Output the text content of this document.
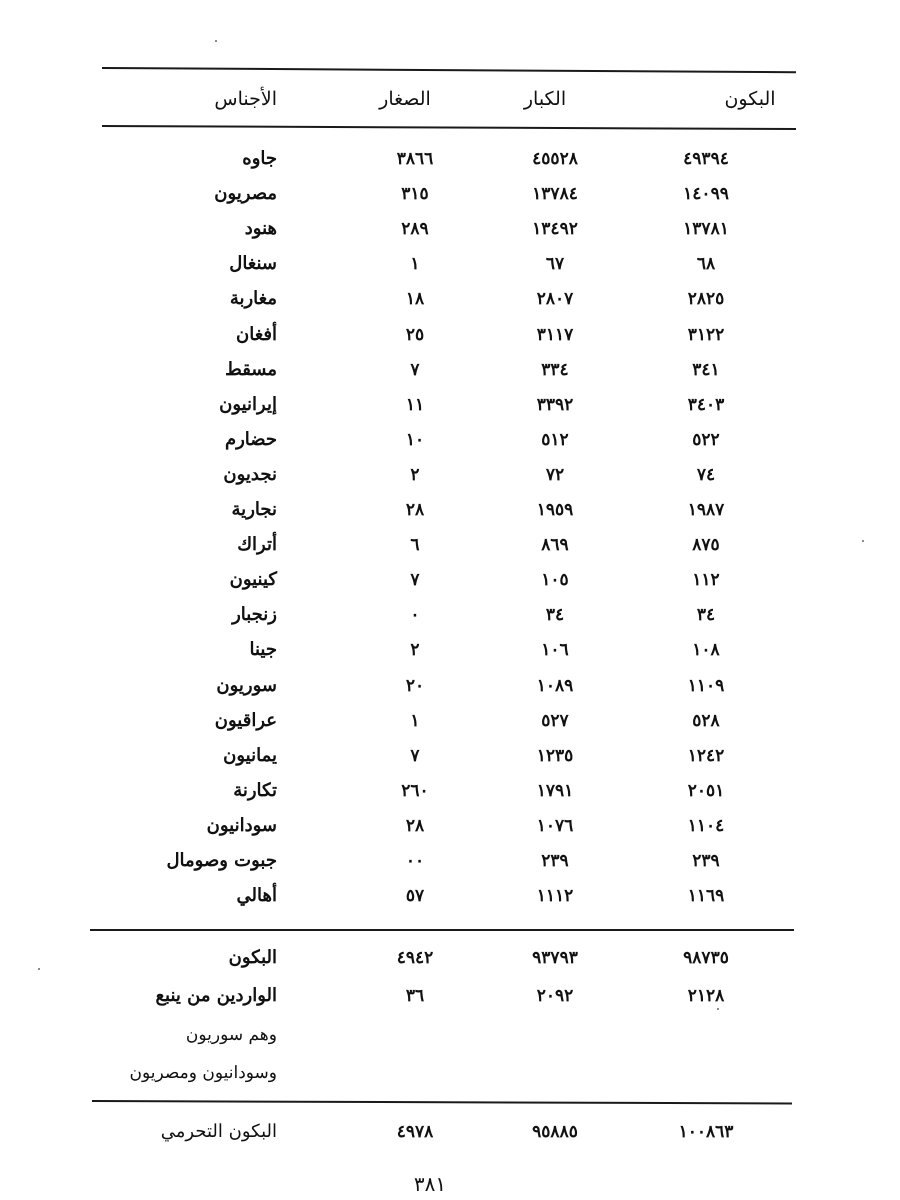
الأجناس	الصغار	الكبار	البكون
جاوه	٣٨٦٦	٤٥٥٢٨	٤٩٣٩٤
مصريون	٣١٥	١٣٧٨٤	١٤٠٩٩
هنود	٢٨٩	١٣٤٩٢	١٣٧٨١
سنغال	١	٦٧	٦٨
مغاربة	١٨	٢٨٠٧	٢٨٢٥
أفغان	٢٥	٣١١٧	٣١٢٢
مسقط	٧	٣٣٤	٣٤١
إيرانيون	١١	٣٣٩٢	٣٤٠٣
حضارم	١٠	٥١٢	٥٢٢
نجديون	٢	٧٢	٧٤
نجارية	٢٨	١٩٥٩	١٩٨٧
أتراك	٦	٨٦٩	٨٧٥
كينيون	٧	١٠٥	١١٢
زنجبار	٠	٣٤	٣٤
جينا	٢	١٠٦	١٠٨
سوريون	٢٠	١٠٨٩	١١٠٩
عراقيون	١	٥٢٧	٥٢٨
يمانيون	٧	١٢٣٥	١٢٤٢
تكارنة	٢٦٠	١٧٩١	٢٠٥١
سودانيون	٢٨	١٠٧٦	١١٠٤
جبوت وصومال	٠٠	٢٣٩	٢٣٩
أهالي	٥٧	١١١٢	١١٦٩
البكون	٤٩٤٢	٩٣٧٩٣	٩٨٧٣٥
الواردين من ينبع	٣٦	٢٠٩٢	٢١٢٨
وهم سوريون
وسودانيون ومصريون
البكون التحرمي	٤٩٧٨	٩٥٨٨٥	١٠٠٨٦٣
٣٨١
